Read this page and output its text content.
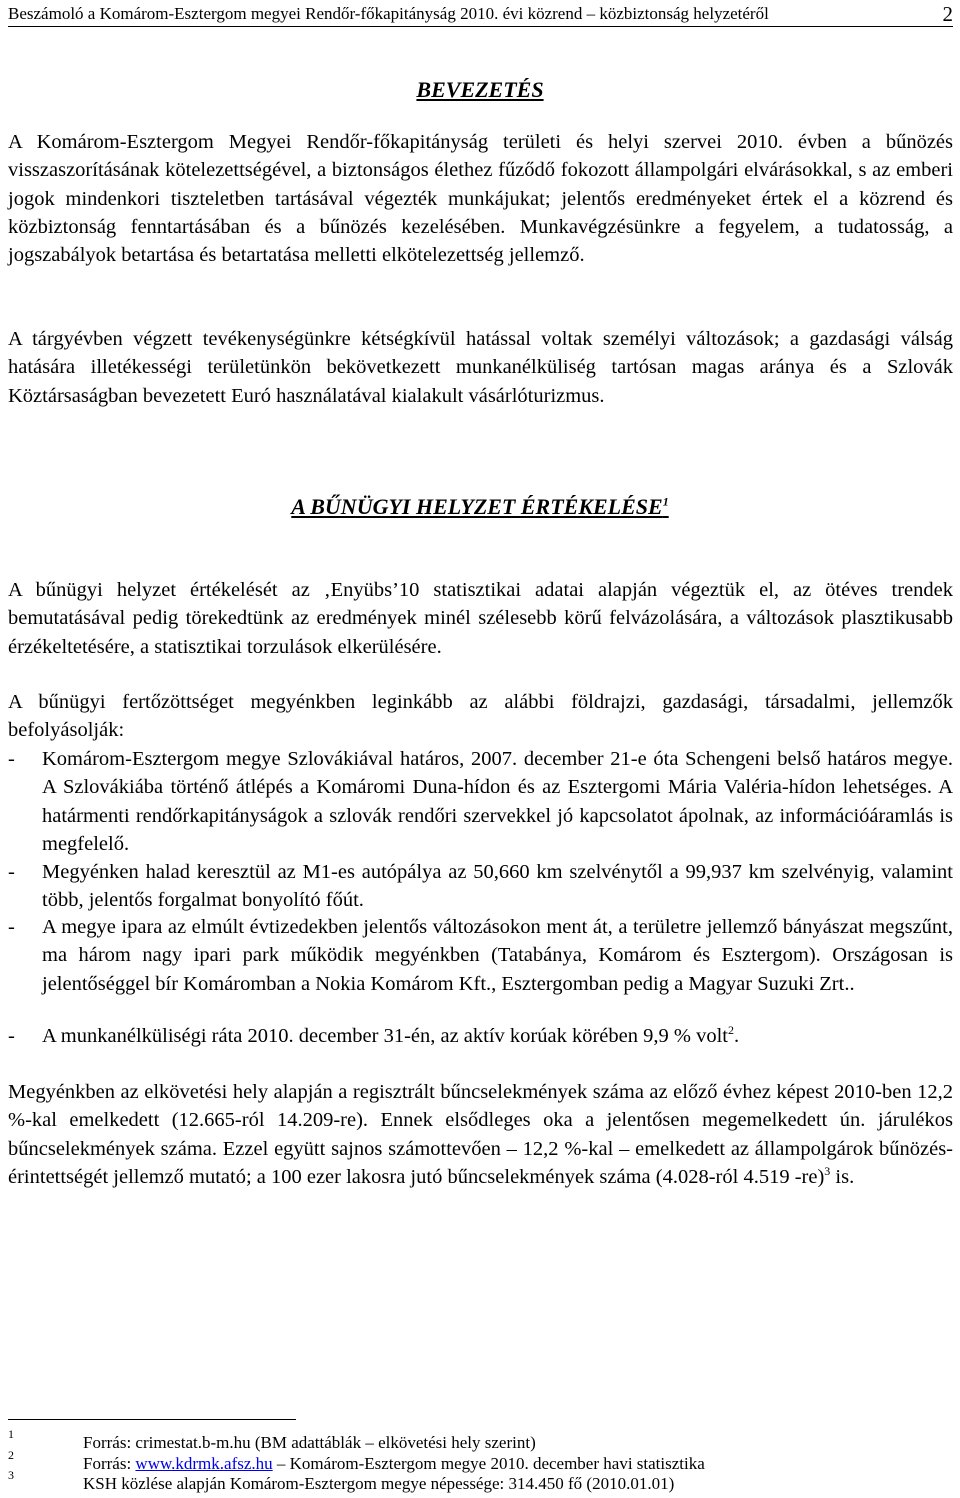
Beszámoló a Komárom-Esztergom megyei Rendőr-főkapitányság 2010. évi közrend – közbiztonság helyzetéről	2
BEVEZETÉS
A Komárom-Esztergom Megyei Rendőr-főkapitányság területi és helyi szervei 2010. évben a bűnözés visszaszorításának kötelezettségével, a biztonságos élethez fűződő fokozott állampolgári elvárásokkal, s az emberi jogok mindenkori tiszteletben tartásával végezték munkájukat; jelentős eredményeket értek el a közrend és közbiztonság fenntartásában és a bűnözés kezelésében. Munkavégzésünkre a fegyelem, a tudatosság, a jogszabályok betartása és betartatása melletti elkötelezettség jellemző.
A tárgyévben végzett tevékenységünkre kétségkívül hatással voltak személyi változások; a gazdasági válság hatására illetékességi területünkön bekövetkezett munkanélküliség tartósan magas aránya és a Szlovák Köztársaságban bevezetett Euró használatával kialakult vásárlóturizmus.
A BŰNÜGYI HELYZET ÉRTÉKELÉSE$^1$
A bűnügyi helyzet értékelését az ‚Enyübs’10 statisztikai adatai alapján végeztük el, az ötéves trendek bemutatásával pedig törekedtünk az eredmények minél szélesebb körű felvázolására, a változások plasztikusabb érzékeltetésére, a statisztikai torzulások elkerülésére.
A bűnügyi fertőzöttséget megyénkben leginkább az alábbi földrajzi, gazdasági, társadalmi, jellemzők befolyásolják:
- Komárom-Esztergom megye Szlovákiával határos, 2007. december 21-e óta Schengeni belső határos megye. A Szlovákiába történő átlépés a Komáromi Duna-hídon és az Esztergomi Mária Valéria-hídon lehetséges. A határmenti rendőrkapitányságok a szlovák rendőri szervekkel jó kapcsolatot ápolnak, az információáramlás is megfelelő.
- Megyénken halad keresztül az M1-es autópálya az 50,660 km szelvénytől a 99,937 km szelvényig, valamint több, jelentős forgalmat bonyolító főút.
- A megye ipara az elmúlt évtizedekben jelentős változásokon ment át, a területre jellemző bányászat megszűnt, ma három nagy ipari park működik megyénkben (Tatabánya, Komárom és Esztergom). Országosan is jelentőséggel bír Komáromban a Nokia Komárom Kft., Esztergomban pedig a Magyar Suzuki Zrt..
- A munkanélküliségi ráta 2010. december 31-én, az aktív korúak körében 9,9 % volt$^2$.
Megyénkben az elkövetési hely alapján a regisztrált bűncselekmények száma az előző évhez képest 2010-ben 12,2 %-kal emelkedett (12.665-ról 14.209-re). Ennek elsődleges oka a jelentősen megemelkedett ún. járulékos bűncselekmények száma. Ezzel együtt sajnos számottevően – 12,2 %-kal – emelkedett az állampolgárok bűnözés-érintettségét jellemző mutató; a 100 ezer lakosra jutó bűncselekmények száma (4.028-ról 4.519 -re)$^3$ is.
1	Forrás: crimestat.b-m.hu (BM adattáblák – elkövetési hely szerint)
2	Forrás: www.kdrmk.afsz.hu – Komárom-Esztergom megye 2010. december havi statisztika
3	KSH közlése alapján Komárom-Esztergom megye népessége: 314.450 fő (2010.01.01)
